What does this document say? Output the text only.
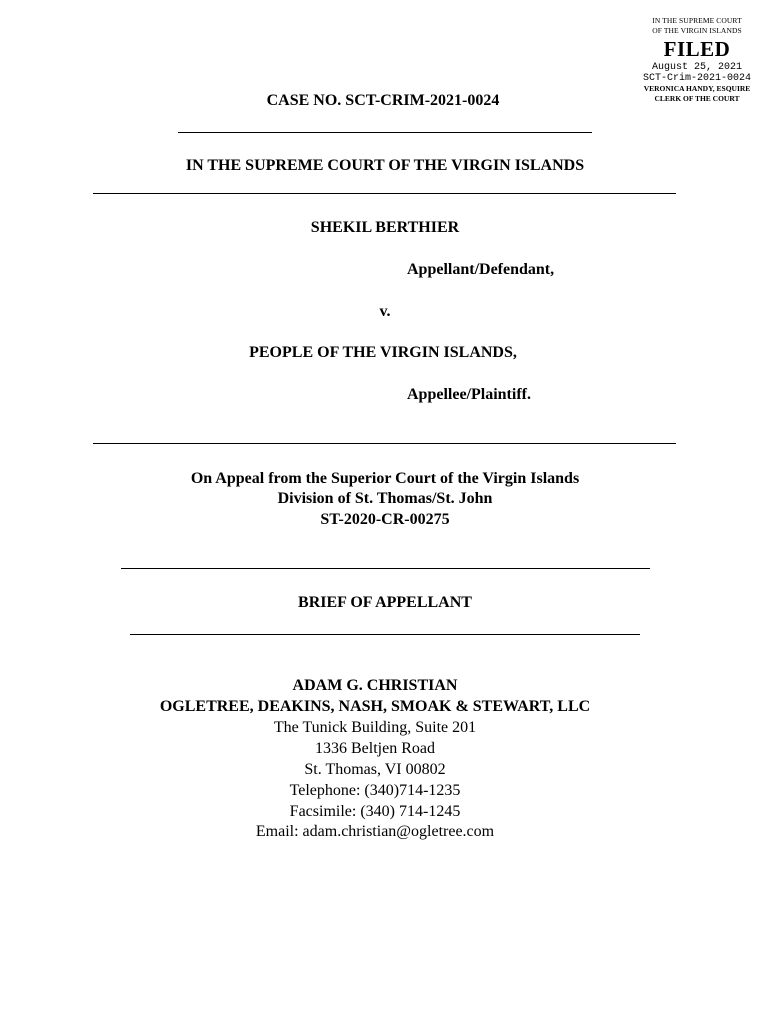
IN THE SUPREME COURT
OF THE VIRGIN ISLANDS
FILED
August 25, 2021
SCT-Crim-2021-0024
VERONICA HANDY, ESQUIRE
CLERK OF THE COURT
CASE NO. SCT-CRIM-2021-0024
IN THE SUPREME COURT OF THE VIRGIN ISLANDS
SHEKIL BERTHIER
Appellant/Defendant,
v.
PEOPLE OF THE VIRGIN ISLANDS,
Appellee/Plaintiff.
On Appeal from the Superior Court of the Virgin Islands
Division of St. Thomas/St. John
ST-2020-CR-00275
BRIEF OF APPELLANT
ADAM G. CHRISTIAN
OGLETREE, DEAKINS, NASH, SMOAK & STEWART, LLC
The Tunick Building, Suite 201
1336 Beltjen Road
St. Thomas, VI 00802
Telephone: (340)714-1235
Facsimile: (340) 714-1245
Email: adam.christian@ogletree.com
